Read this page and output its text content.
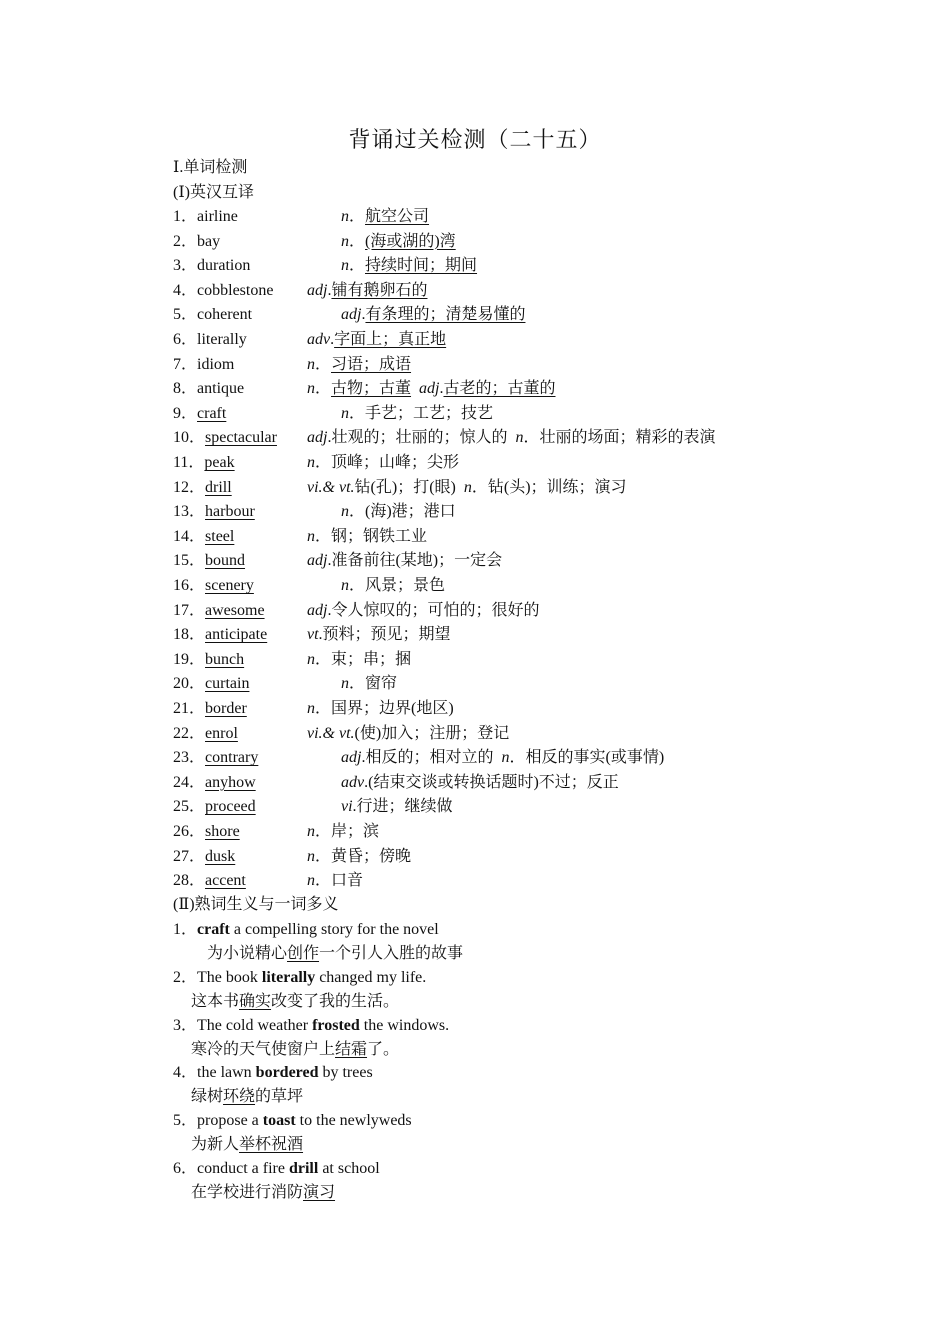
背诵过关检测（二十五）
Ⅰ.单词检测
(Ⅰ)英汉互译
1．airline	n．航空公司
2．bay	n．(海或湖的)湾
3．duration	n．持续时间；期间
4．cobblestone adj.铺有鹅卵石的
5．coherent	adj.有条理的；清楚易懂的
6．literally	adv.字面上；真正地
7．idiom	n．习语；成语
8．antique	n．古物；古董 adj.古老的；古董的
9．craft	n．手艺；工艺；技艺
10．spectacular adj.壮观的；壮丽的；惊人的 n．壮丽的场面；精彩的表演
11．peak	n．顶峰；山峰；尖形
12．drill	vi.& vt.钻(孔)；打(眼) n．钻(头)；训练；演习
13．harbour	n．(海)港；港口
14．steel	n．钢；钢铁工业
15．bound	adj.准备前往(某地)；一定会
16．scenery	n．风景；景色
17．awesome	adj.令人惊叹的；可怕的；很好的
18．anticipate vt.预料；预见；期望
19．bunch	n．束；串；捆
20．curtain	n．窗帘
21．border	n．国界；边界(地区)
22．enrol	vi.& vt.(使)加入；注册；登记
23．contrary	adj.相反的；相对立的 n．相反的事实(或事情)
24．anyhow	adv.(结束交谈或转换话题时)不过；反正
25．proceed	vi.行进；继续做
26．shore	n．岸；滨
27．dusk	n．黄昏；傍晚
28．accent	n．口音
(Ⅱ)熟词生义与一词多义
1．craft a compelling story for the novel
为小说精心创作一个引人入胜的故事
2．The book literally changed my life.
这本书确实改变了我的生活。
3．The cold weather frosted the windows.
寒冷的天气使窗户上结霜了。
4．the lawn bordered by trees
绿树环绕的草坪
5．propose a toast to the newlyweds
为新人举杯祝酒
6．conduct a fire drill at school
在学校进行消防演习
